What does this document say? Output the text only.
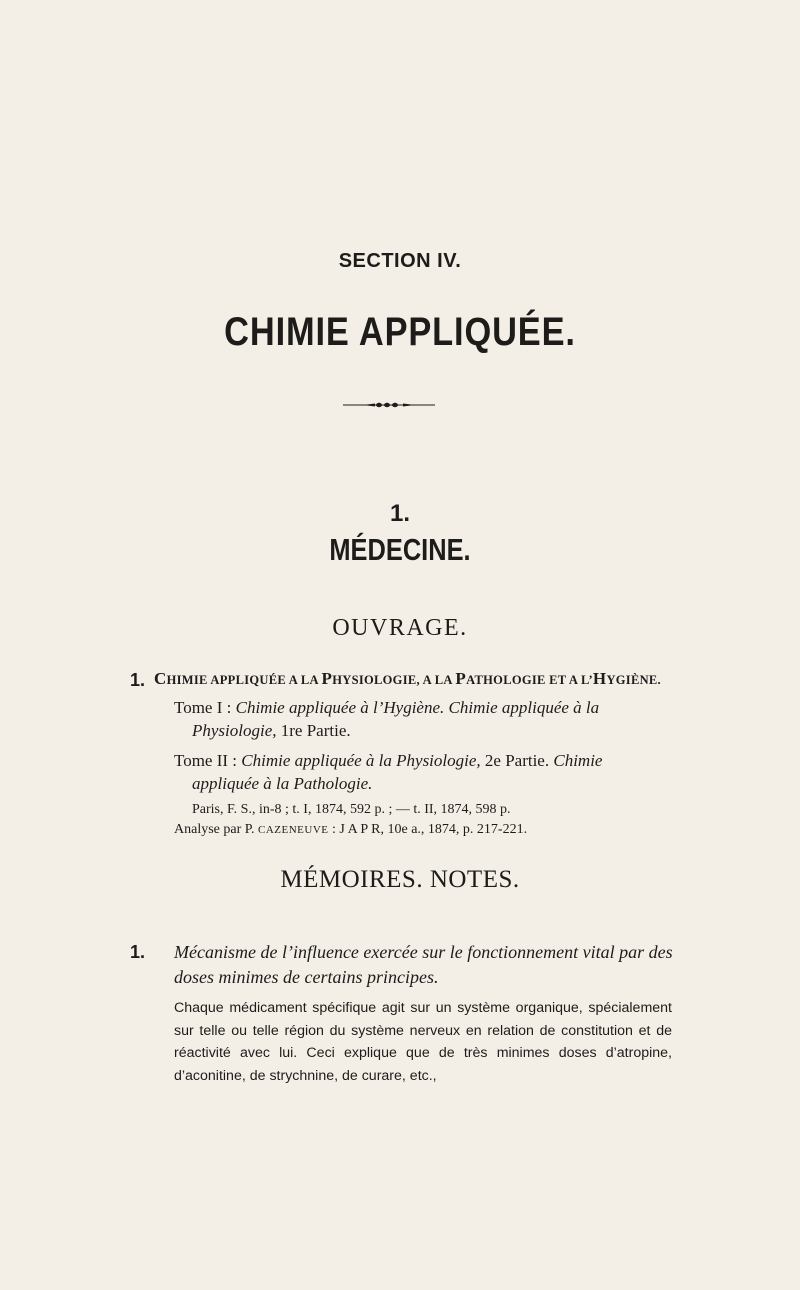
SECTION IV.
CHIMIE APPLIQUÉE.
1.
MÉDECINE.
OUVRAGE.
1. CHIMIE APPLIQUÉE A LA PHYSIOLOGIE, A LA PATHOLOGIE ET A L’HYGIÈNE.
Tome I : Chimie appliquée à l’Hygiène. Chimie appliquée à la
Physiologie, 1re Partie.
Tome II : Chimie appliquée à la Physiologie, 2e Partie. Chimie
appliquée à la Pathologie.
Paris, F. S., in-8 ; t. I, 1874, 592 p. ; — t. II, 1874, 598 p.
Analyse par P. CAZENEUVE : J A P R, 10e a., 1874, p. 217-221.
MÉMOIRES. NOTES.
1. Mécanisme de l’influence exercée sur le fonctionnement vital par des doses minimes de certains principes.
Chaque médicament spécifique agit sur un système organique, spécialement sur telle ou telle région du système nerveux en relation de constitution et de réactivité avec lui. Ceci explique que de très minimes doses d’atropine, d’aconitine, de strychnine, de curare, etc.,
